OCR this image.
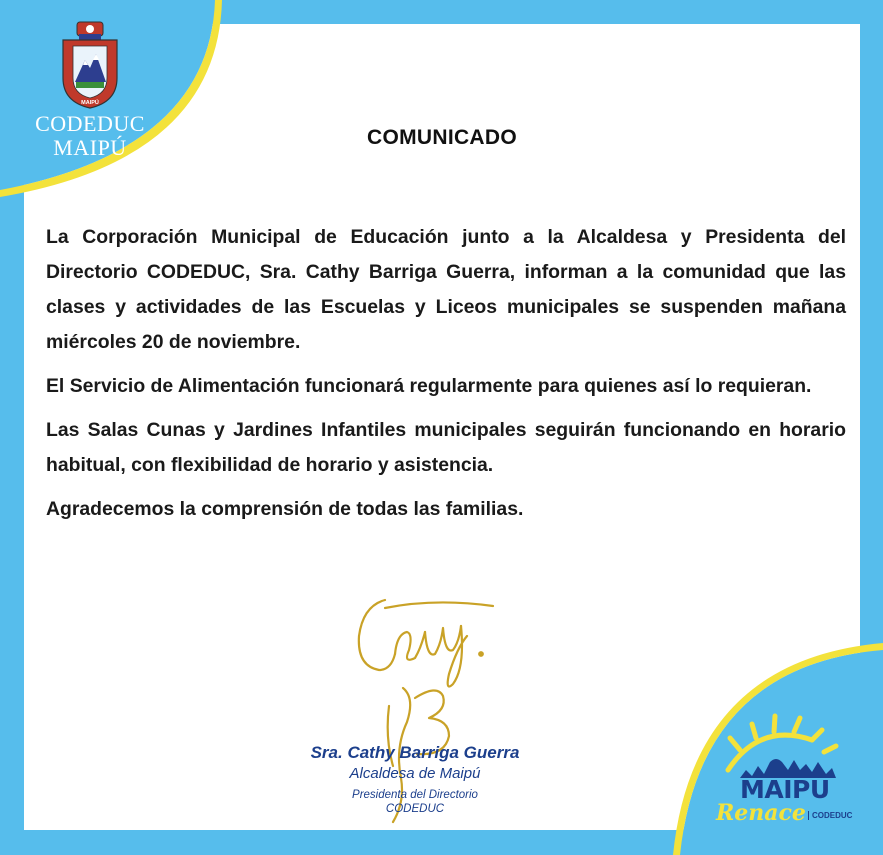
MAIPÚ
CODEDUC
MAIPÚ	COMUNICADO

La Corporación Municipal de Educación junto a la Alcaldesa y Presidenta del Directorio CODEDUC, Sra. Cathy Barriga Guerra, informan a la comunidad que las clases y actividades de las Escuelas y Liceos municipales se suspenden mañana miércoles 20 de noviembre.

El Servicio de Alimentación funcionará regularmente para quienes así lo requieran.

Las Salas Cunas y Jardines Infantiles municipales seguirán funcionando en horario habitual, con flexibilidad de horario y asistencia.

Agradecemos la comprensión de todas las familias.

Sra. Cathy Barriga Guerra
Alcaldesa de Maipú
Presidenta del Directorio
CODEDUC
MAIPÚ
Renace CODEDUC
